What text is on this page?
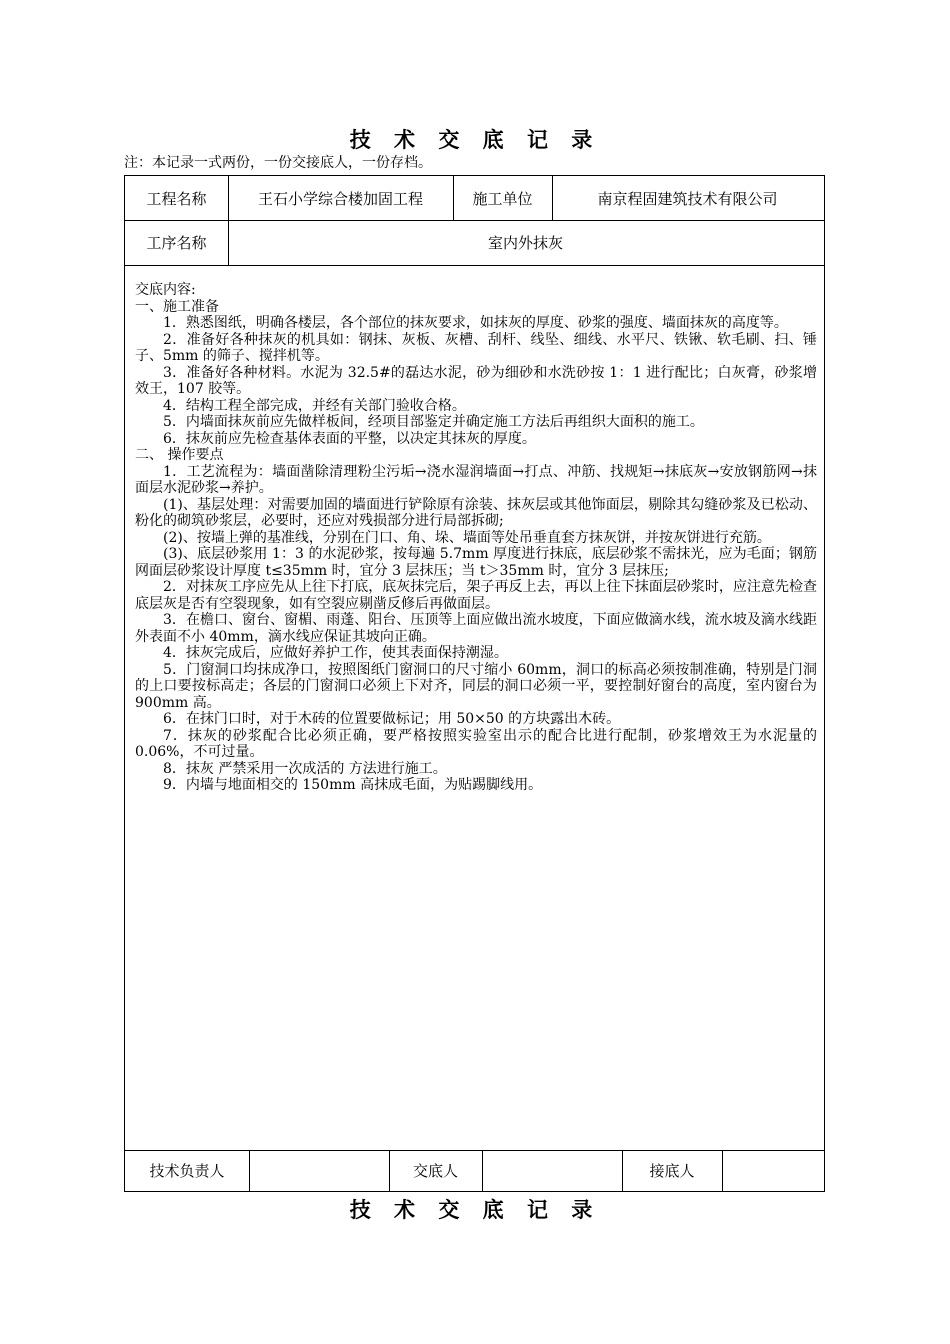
技 术 交 底 记 录
注：本记录一式两份，一份交接底人，一份存档。
工程名称	王石小学综合楼加固工程	施工单位	南京程固建筑技术有限公司
工序名称	室内外抹灰

交底内容:

一、施工准备

1．熟悉图纸，明确各楼层，各个部位的抹灰要求，如抹灰的厚度、砂浆的强度、墙面抹灰的高度等。

2．准备好各种抹灰的机具如：钢抹、灰板、灰槽、刮杆、线坠、细线、水平尺、铁锹、软毛刷、扫、锤子、5mm 的筛子、搅拌机等。

3．准备好各种材料。水泥为 32.5#的磊达水泥，砂为细砂和水洗砂按 1：1 进行配比；白灰膏，砂浆增效王，107 胶等。

4．结构工程全部完成，并经有关部门验收合格。

5．内墙面抹灰前应先做样板间，经项目部鉴定并确定施工方法后再组织大面积的施工。

6．抹灰前应先检查基体表面的平整，以决定其抹灰的厚度。

二、 操作要点

1．工艺流程为：墙面凿除清理粉尘污垢→浇水湿润墙面→打点、冲筋、找规矩→抹底灰→安放钢筋网→抹面层水泥砂浆→养护。

(1)、基层处理：对需要加固的墙面进行铲除原有涂装、抹灰层或其他饰面层，剔除其勾缝砂浆及已松动、粉化的砌筑砂浆层，必要时，还应对残损部分进行局部拆砌;

(2)、按墙上弹的基准线，分别在门口、角、垛、墙面等处吊垂直套方抹灰饼，并按灰饼进行充筋。

(3)、底层砂浆用 1：3 的水泥砂浆，按每遍 5.7mm 厚度进行抹底，底层砂浆不需抹光，应为毛面；钢筋网面层砂浆设计厚度 t≤35mm 时，宜分 3 层抹压；当 t＞35mm 时，宜分 3 层抹压;

2．对抹灰工序应先从上往下打底，底灰抹完后，架子再反上去，再以上往下抹面层砂浆时，应注意先检查底层灰是否有空裂现象，如有空裂应剔凿反修后再做面层。

3．在檐口、窗台、窗楣、雨蓬、阳台、压顶等上面应做出流水坡度，下面应做滴水线，流水坡及滴水线距外表面不小 40mm，滴水线应保证其坡向正确。

4．抹灰完成后，应做好养护工作，使其表面保持潮湿。

5．门窗洞口均抹成净口，按照图纸门窗洞口的尺寸缩小 60mm，洞口的标高必须按制准确，特别是门洞的上口要按标高走；各层的门窗洞口必须上下对齐，同层的洞口必须一平，要控制好窗台的高度，室内窗台为 900mm 高。

6．在抹门口时，对于木砖的位置要做标记；用 50×50 的方块露出木砖。

7．抹灰的砂浆配合比必须正确，要严格按照实验室出示的配合比进行配制，砂浆增效王为水泥量的 0.06%，不可过量。

8．抹灰 严禁采用一次成活的 方法进行施工。

9．内墙与地面相交的 150mm 高抹成毛面，为贴踢脚线用。

技术负责人	交底人	接底人
技 术 交 底 记 录
